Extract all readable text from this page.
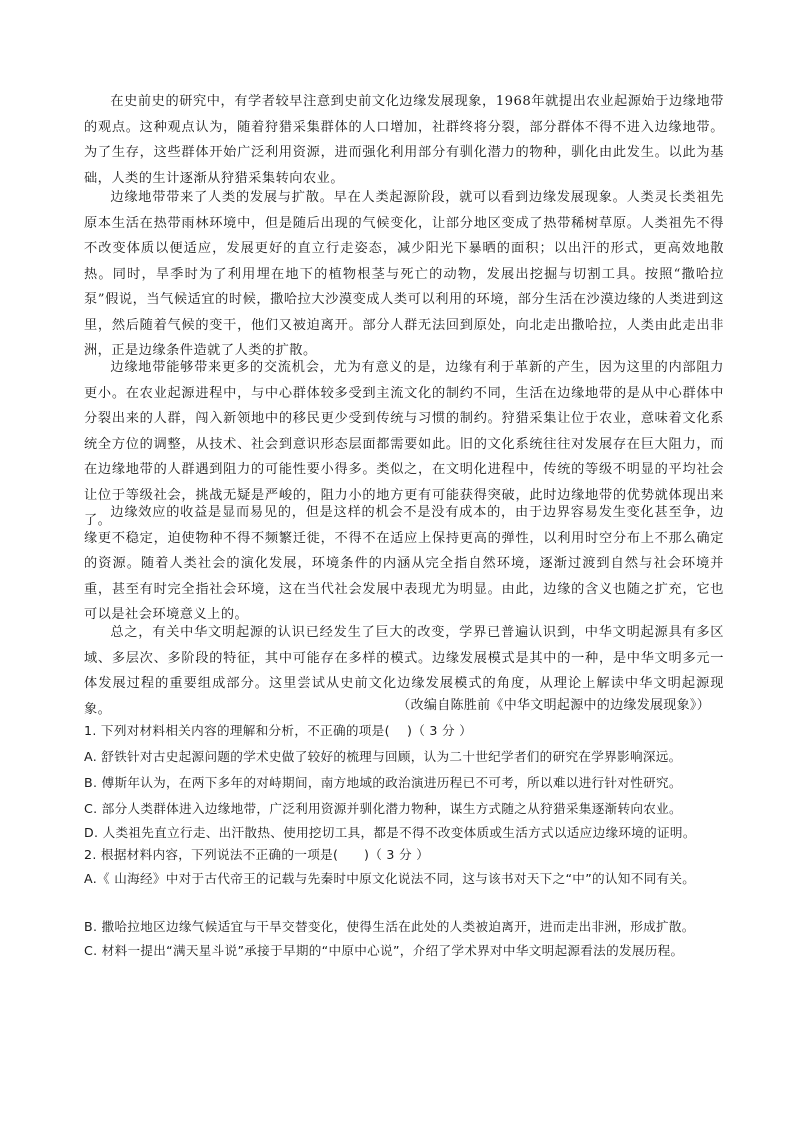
在史前史的研究中，有学者较早注意到史前文化边缘发展现象，1968年就提出农业起源始于边缘地带的观点。这种观点认为，随着狩猎采集群体的人口增加，社群终将分裂，部分群体不得不进入边缘地带。为了生存，这些群体开始广泛利用资源，进而强化利用部分有驯化潜力的物种，驯化由此发生。以此为基础，人类的生计逐渐从狩猎采集转向农业。

边缘地带带来了人类的发展与扩散。早在人类起源阶段，就可以看到边缘发展现象。人类灵长类祖先原本生活在热带雨林环境中，但是随后出现的气候变化，让部分地区变成了热带稀树草原。人类祖先不得不改变体质以便适应，发展更好的直立行走姿态，减少阳光下暴晒的面积；以出汗的形式，更高效地散热。同时，旱季时为了利用埋在地下的植物根茎与死亡的动物，发展出挖掘与切割工具。按照“撒哈拉泵”假说，当气候适宜的时候，撒哈拉大沙漠变成人类可以利用的环境，部分生活在沙漠边缘的人类进到这里，然后随着气候的变干，他们又被迫离开。部分人群无法回到原处，向北走出撒哈拉，人类由此走出非洲，正是边缘条件造就了人类的扩散。

边缘地带能够带来更多的交流机会，尤为有意义的是，边缘有利于革新的产生，因为这里的内部阻力更小。在农业起源进程中，与中心群体较多受到主流文化的制约不同，生活在边缘地带的是从中心群体中分裂出来的人群，闯入新领地中的移民更少受到传统与习惯的制约。狩猎采集让位于农业，意味着文化系统全方位的调整，从技术、社会到意识形态层面都需要如此。旧的文化系统往往对发展存在巨大阻力，而在边缘地带的人群遇到阻力的可能性要小得多。类似之，在文明化进程中，传统的等级不明显的平均社会让位于等级社会，挑战无疑是严峻的，阻力小的地方更有可能获得突破，此时边缘地带的优势就体现出来了。

边缘效应的收益是显而易见的，但是这样的机会不是没有成本的，由于边界容易发生变化甚至争，边缘更不稳定，迫使物种不得不频繁迁徙，不得不在适应上保持更高的弹性，以利用时空分布上不那么确定的资源。随着人类社会的演化发展，环境条件的内涵从完全指自然环境，逐渐过渡到自然与社会环境并重，甚至有时完全指社会环境，这在当代社会发展中表现尤为明显。由此，边缘的含义也随之扩充，它也可以是社会环境意义上的。

总之，有关中华文明起源的认识已经发生了巨大的改变，学界已普遍认识到，中华文明起源具有多区域、多层次、多阶段的特征，其中可能存在多样的模式。边缘发展模式是其中的一种，是中华文明多元一体发展过程的重要组成部分。这里尝试从史前文化边缘发展模式的角度，从理论上解读中华文明起源现象。	（改编自陈胜前《中华文明起源中的边缘发展现象》）

1. 下列对材料相关内容的理解和分析，不正确的项是(　 )（ 3 分 ）

A. 舒铁针对古史起源问题的学术史做了较好的梳理与回顾，认为二十世纪学者们的研究在学界影响深远。

B. 傅斯年认为，在两下多年的对峙期间，南方地域的政治演进历程已不可考，所以难以进行针对性研究。

C. 部分人类群体进入边缘地带，广泛利用资源并驯化潜力物种，谋生方式随之从狩猎采集逐渐转向农业。

D. 人类祖先直立行走、出汗散热、使用挖切工具，都是不得不改变体质或生活方式以适应边缘环境的证明。

2. 根据材料内容，下列说法不正确的一项是(　　)（ 3 分 ）

A.《 山海经》中对于古代帝王的记载与先秦时中原文化说法不同，这与该书对天下之“中”的认知不同有关。

B. 撒哈拉地区边缘气候适宜与干旱交替变化，使得生活在此处的人类被迫离开，进而走出非洲，形成扩散。

C. 材料一提出“满天星斗说”承接于早期的“中原中心说”，介绍了学术界对中华文明起源看法的发展历程。
